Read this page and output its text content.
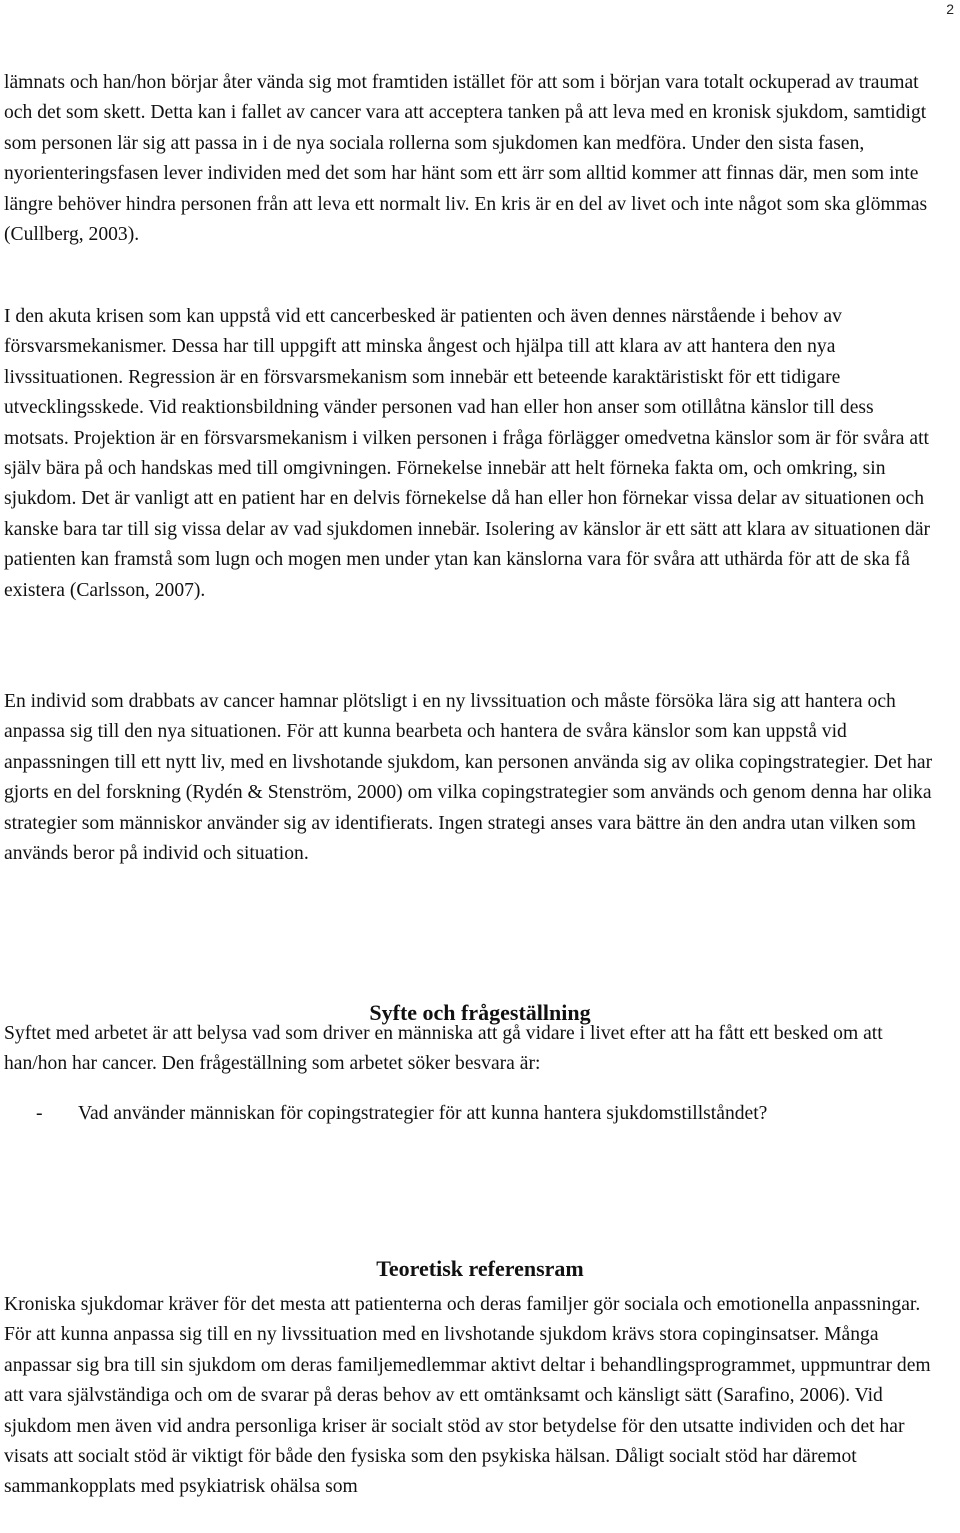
2

lämnats och han/hon börjar åter vända sig mot framtiden istället för att som i början vara totalt ockuperad av traumat och det som skett. Detta kan i fallet av cancer vara att acceptera tanken på att leva med en kronisk sjukdom, samtidigt som personen lär sig att passa in i de nya sociala rollerna som sjukdomen kan medföra. Under den sista fasen, nyorienteringsfasen lever individen med det som har hänt som ett ärr som alltid kommer att finnas där, men som inte längre behöver hindra personen från att leva ett normalt liv. En kris är en del av livet och inte något som ska glömmas (Cullberg, 2003).

I den akuta krisen som kan uppstå vid ett cancerbesked är patienten och även dennes närstående i behov av försvarsmekanismer. Dessa har till uppgift att minska ångest och hjälpa till att klara av att hantera den nya livssituationen. Regression är en försvarsmekanism som innebär ett beteende karaktäristiskt för ett tidigare utvecklingsskede. Vid reaktionsbildning vänder personen vad han eller hon anser som otillåtna känslor till dess motsats. Projektion är en försvarsmekanism i vilken personen i fråga förlägger omedvetna känslor som är för svåra att själv bära på och handskas med till omgivningen. Förnekelse innebär att helt förneka fakta om, och omkring, sin sjukdom. Det är vanligt att en patient har en delvis förnekelse då han eller hon förnekar vissa delar av situationen och kanske bara tar till sig vissa delar av vad sjukdomen innebär. Isolering av känslor är ett sätt att klara av situationen där patienten kan framstå som lugn och mogen men under ytan kan känslorna vara för svåra att uthärda för att de ska få existera (Carlsson, 2007).

En individ som drabbats av cancer hamnar plötsligt i en ny livssituation och måste försöka lära sig att hantera och anpassa sig till den nya situationen. För att kunna bearbeta och hantera de svåra känslor som kan uppstå vid anpassningen till ett nytt liv, med en livshotande sjukdom, kan personen använda sig av olika copingstrategier. Det har gjorts en del forskning (Rydén & Stenström, 2000) om vilka copingstrategier som används och genom denna har olika strategier som människor använder sig av identifierats. Ingen strategi anses vara bättre än den andra utan vilken som används beror på individ och situation.

Syfte och frågeställning

Syftet med arbetet är att belysa vad som driver en människa att gå vidare i livet efter att ha fått ett besked om att han/hon har cancer. Den frågeställning som arbetet söker besvara är:

- Vad använder människan för copingstrategier för att kunna hantera sjukdomstillståndet?
Teoretisk referensram

Kroniska sjukdomar kräver för det mesta att patienterna och deras familjer gör sociala och emotionella anpassningar. För att kunna anpassa sig till en ny livssituation med en livshotande sjukdom krävs stora copinginsatser. Många anpassar sig bra till sin sjukdom om deras familjemedlemmar aktivt deltar i behandlingsprogrammet, uppmuntrar dem att vara självständiga och om de svarar på deras behov av ett omtänksamt och känsligt sätt (Sarafino, 2006). Vid sjukdom men även vid andra personliga kriser är socialt stöd av stor betydelse för den utsatte individen och det har visats att socialt stöd är viktigt för både den fysiska som den psykiska hälsan. Dåligt socialt stöd har däremot sammankopplats med psykiatrisk ohälsa som
